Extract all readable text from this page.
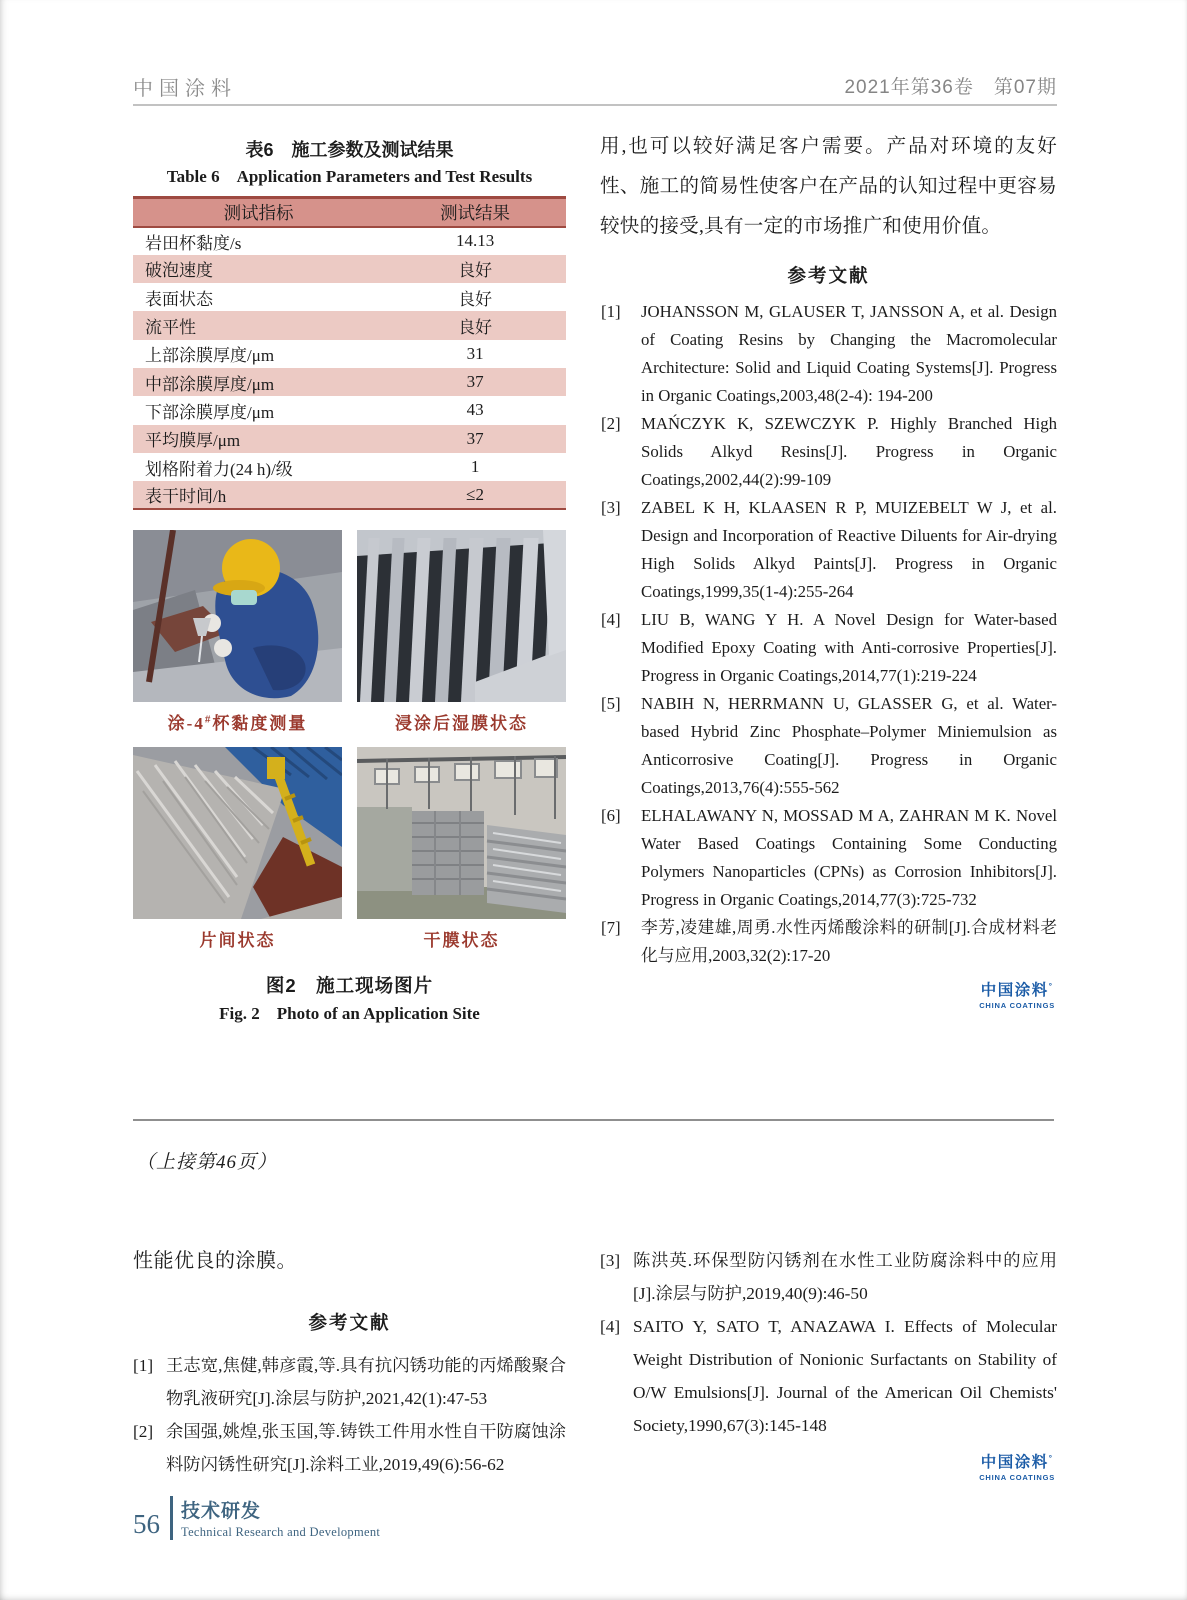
中国涂料	2021年第36卷　第07期
表6　施工参数及测试结果
Table 6 Application Parameters and Test Results
测试指标	测试结果
岩田杯黏度/s	14.13
破泡速度	良好
表面状态	良好
流平性	良好
上部涂膜厚度/μm	31
中部涂膜厚度/μm	37
下部涂膜厚度/μm	43
平均膜厚/μm	37
划格附着力(24 h)/级	1
表干时间/h	≤2
涂-4#杯黏度测量	浸涂后湿膜状态
片间状态	干膜状态
图2　施工现场图片
Fig. 2 Photo of an Application Site

用,也可以较好满足客户需要。产品对环境的友好性、施工的简易性使客户在产品的认知过程中更容易较快的接受,具有一定的市场推广和使用价值。

参考文献
[1] JOHANSSON M, GLAUSER T, JANSSON A, et al. Design of Coating Resins by Changing the Macromolecular Architecture: Solid and Liquid Coating Systems[J]. Progress in Organic Coatings,2003,48(2-4): 194-200
[2] MAŃCZYK K, SZEWCZYK P. Highly Branched High Solids Alkyd Resins[J]. Progress in Organic Coatings,2002,44(2):99-109
[3] ZABEL K H, KLAASEN R P, MUIZEBELT W J, et al. Design and Incorporation of Reactive Diluents for Air-drying High Solids Alkyd Paints[J]. Progress in Organic Coatings,1999,35(1-4):255-264
[4] LIU B, WANG Y H. A Novel Design for Water-based Modified Epoxy Coating with Anti-corrosive Properties[J]. Progress in Organic Coatings,2014,77(1):219-224
[5] NABIH N, HERRMANN U, GLASSER G, et al. Water-based Hybrid Zinc Phosphate–Polymer Miniemulsion as Anticorrosive Coating[J]. Progress in Organic Coatings,2013,76(4):555-562
[6] ELHALAWANY N, MOSSAD M A, ZAHRAN M K. Novel Water Based Coatings Containing Some Conducting Polymers Nanoparticles (CPNs) as Corrosion Inhibitors[J]. Progress in Organic Coatings,2014,77(3):725-732
[7] 李芳,凌建雄,周勇.水性丙烯酸涂料的研制[J].合成材料老化与应用,2003,32(2):17-20
中国涂料°
CHINA COATINGS
（上接第46页）

性能优良的涂膜。

参考文献
[1] 王志宽,焦健,韩彦霞,等.具有抗闪锈功能的丙烯酸聚合物乳液研究[J].涂层与防护,2021,42(1):47-53
[2] 余国强,姚煌,张玉国,等.铸铁工件用水性自干防腐蚀涂料防闪锈性研究[J].涂料工业,2019,49(6):56-62
[3] 陈洪英.环保型防闪锈剂在水性工业防腐涂料中的应用[J].涂层与防护,2019,40(9):46-50
[4] SAITO Y, SATO T, ANAZAWA I. Effects of Molecular Weight Distribution of Nonionic Surfactants on Stability of O/W Emulsions[J]. Journal of the American Oil Chemists' Society,1990,67(3):145-148
中国涂料°
CHINA COATINGS
56 技术研发
Technical Research and Development
